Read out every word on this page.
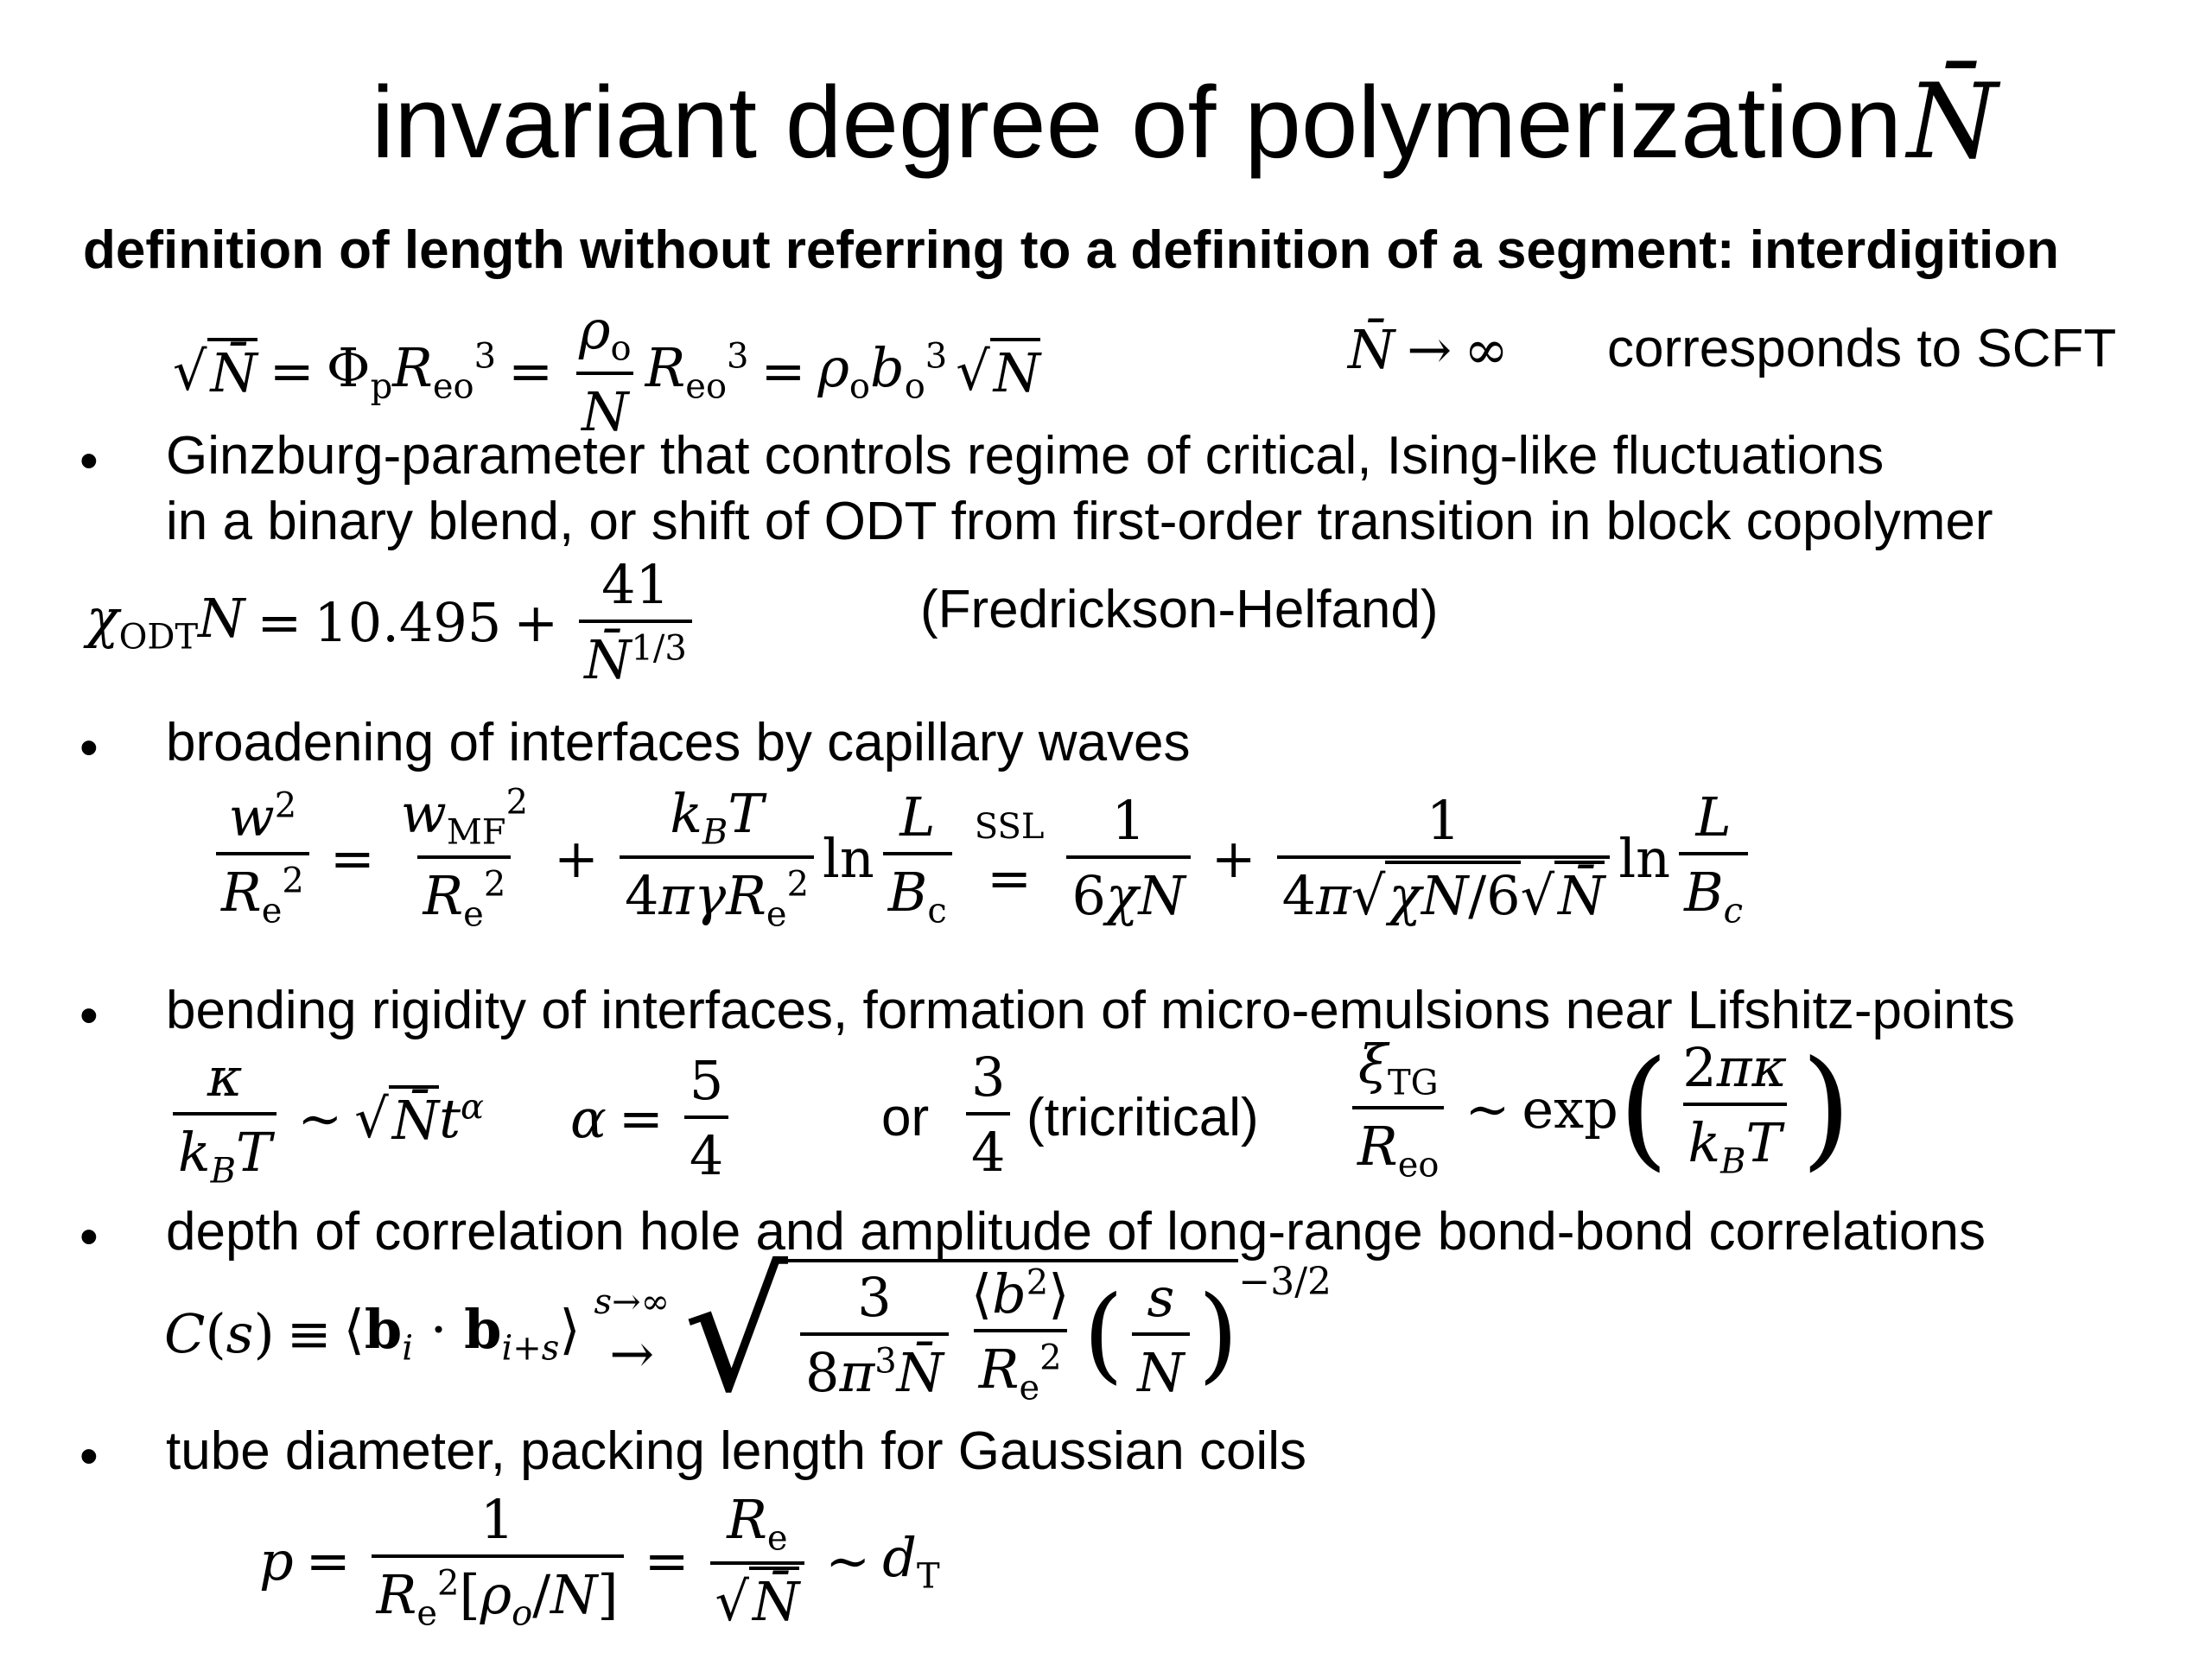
invariant degree of polymerizationN̄
definition of length without referring to a definition of a segment: interdigition
√ N̄ = $\Phi_pR_{eo}^3 = \frac{\rho_o}{N} R_{eo}^3 = \rho_ob_o^3$ √ N	N̄ → ∞ corresponds to SCFT
• Ginzburg-parameter that controls regime of critical, Ising-like fluctuations
in a binary blend, or shift of ODT from first-order transition in block copolymer
$\chi_{ODT}N = 10.495 + \frac{41}{N̄^{1/3}}$	(Fredrickson-Helfand)
• broadening of interfaces by capillary waves
$\frac{w^2}{R_e^2} = \frac{w_{MF}^2}{R_e^2} + \frac{k_BT}{4\pi\gamma R_e^2}$ $\ln \frac{L}{B_c}$ SSL
= $\frac{1}{6\chi N} + \frac{1}{4\pi√\chi N/6√N̄}$ $\ln \frac{L}{B_c}$
• bending rigidity of interfaces, formation of micro-emulsions near Lifshitz-points
$\frac{\kappa}{k_BT}$ ∼ √ N̄ $t^\alpha$ $\alpha = \frac{5}{4}$	or $\frac{3}{4}$ (tricritical) $\frac{\xi_{TG}}{R_{eo}}$ ∼ exp ( $\frac{2\pi\kappa}{k_BT}$ )
• depth of correlation hole and amplitude of long-range bond-bond correlations
$C(s) \equiv ⟨b_i$ · $b_{i+s}⟩$ s→∞
→ √ $\frac{3}{8\pi^3N̄} \frac{⟨b^2⟩}{R_e^2}$ ( $\frac{s}{N}$ ) −3/2
• tube diameter, packing length for Gaussian coils
$p = \frac{1}{R_e^2[\rho_o/N]} = \frac{R_e}{√N̄}$ ∼ $d_T$
